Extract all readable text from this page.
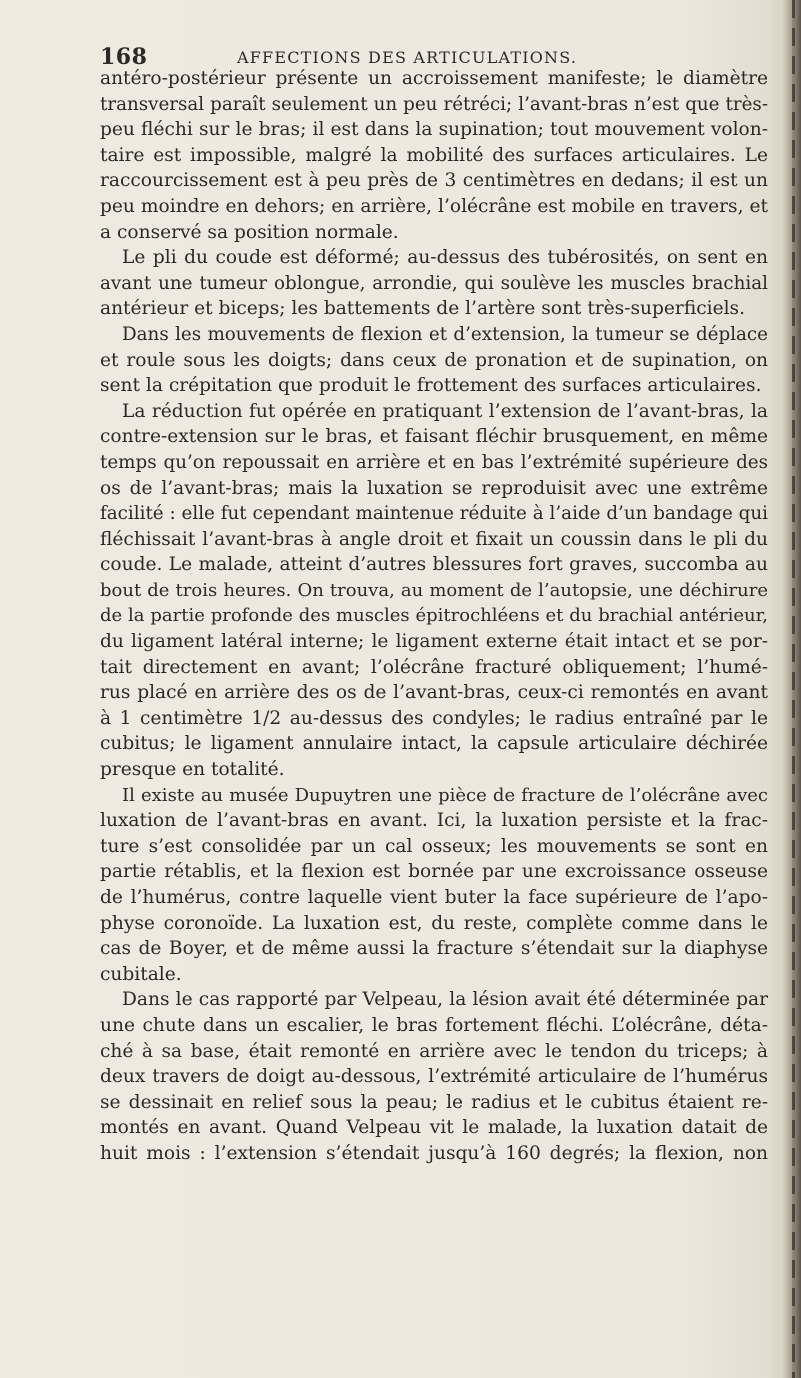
168	AFFECTIONS DES ARTICULATIONS.
antéro-postérieur présente un accroissement manifeste; le diamètre
transversal paraît seulement un peu rétréci; l’avant-bras n’est que très-
peu fléchi sur le bras; il est dans la supination; tout mouvement volon-
taire est impossible, malgré la mobilité des surfaces articulaires. Le
raccourcissement est à peu près de 3 centimètres en dedans; il est un
peu moindre en dehors; en arrière, l’olécrâne est mobile en travers, et
a conservé sa position normale.
Le pli du coude est déformé; au-dessus des tubérosités, on sent en
avant une tumeur oblongue, arrondie, qui soulève les muscles brachial
antérieur et biceps; les battements de l’artère sont très-superficiels.
Dans les mouvements de flexion et d’extension, la tumeur se déplace
et roule sous les doigts; dans ceux de pronation et de supination, on
sent la crépitation que produit le frottement des surfaces articulaires.
La réduction fut opérée en pratiquant l’extension de l’avant-bras, la
contre-extension sur le bras, et faisant fléchir brusquement, en même
temps qu’on repoussait en arrière et en bas l’extrémité supérieure des
os de l’avant-bras; mais la luxation se reproduisit avec une extrême
facilité : elle fut cependant maintenue réduite à l’aide d’un bandage qui
fléchissait l’avant-bras à angle droit et fixait un coussin dans le pli du
coude. Le malade, atteint d’autres blessures fort graves, succomba au
bout de trois heures. On trouva, au moment de l’autopsie, une déchirure
de la partie profonde des muscles épitrochléens et du brachial antérieur,
du ligament latéral interne; le ligament externe était intact et se por-
tait directement en avant; l’olécrâne fracturé obliquement; l’humé-
rus placé en arrière des os de l’avant-bras, ceux-ci remontés en avant
à 1 centimètre 1/2 au-dessus des condyles; le radius entraîné par le
cubitus; le ligament annulaire intact, la capsule articulaire déchirée
presque en totalité.
Il existe au musée Dupuytren une pièce de fracture de l’olécrâne avec
luxation de l’avant-bras en avant. Ici, la luxation persiste et la frac-
ture s’est consolidée par un cal osseux; les mouvements se sont en
partie rétablis, et la flexion est bornée par une excroissance osseuse
de l’humérus, contre laquelle vient buter la face supérieure de l’apo-
physe coronoïde. La luxation est, du reste, complète comme dans le
cas de Boyer, et de même aussi la fracture s’étendait sur la diaphyse
cubitale.
Dans le cas rapporté par Velpeau, la lésion avait été déterminée par
une chute dans un escalier, le bras fortement fléchi. L’olécrâne, déta-
ché à sa base, était remonté en arrière avec le tendon du triceps; à
deux travers de doigt au-dessous, l’extrémité articulaire de l’humérus
se dessinait en relief sous la peau; le radius et le cubitus étaient re-
montés en avant. Quand Velpeau vit le malade, la luxation datait de
huit mois : l’extension s’étendait jusqu’à 160 degrés; la flexion, non
